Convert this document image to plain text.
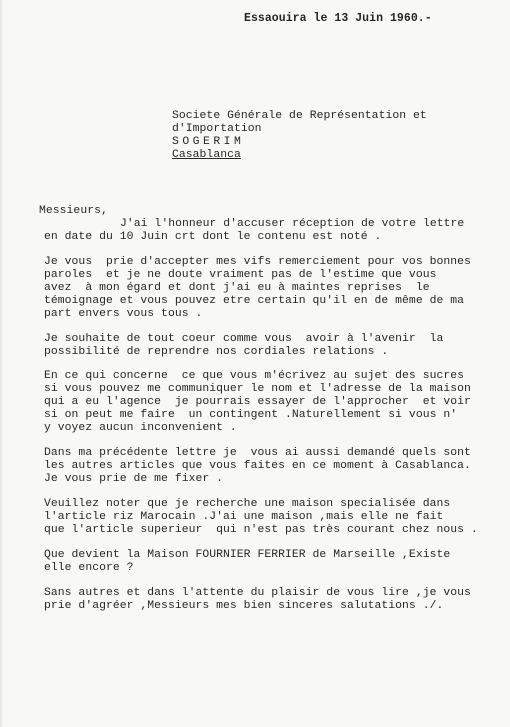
Essaouira le 13 Juin 1960.-
Societe Générale de Représentation et
d'Importation
SOGERIM
Casablanca
Messieurs,
J'ai l'honneur d'accuser réception de votre lettre
en date du 10 Juin crt dont le contenu est noté .
Je vous  prie d'accepter mes vifs remerciement pour vos bonnes
paroles  et je ne doute vraiment pas de l'estime que vous
avez  à mon égard et dont j'ai eu à maintes reprises  le
témoignage et vous pouvez etre certain qu'il en de même de ma
part envers vous tous .
Je souhaite de tout coeur comme vous  avoir à l'avenir  la
possibilité de reprendre nos cordiales relations .
En ce qui concerne  ce que vous m'écrivez au sujet des sucres
si vous pouvez me communiquer le nom et l'adresse de la maison
qui a eu l'agence  je pourrais essayer de l'approcher  et voir
si on peut me faire  un contingent .Naturellement si vous n'
y voyez aucun inconvenient .
Dans ma précédente lettre je  vous ai aussi demandé quels sont
les autres articles que vous faites en ce moment à Casablanca.
Je vous prie de me fixer .
Veuillez noter que je recherche une maison specialisée dans
l'article riz Marocain .J'ai une maison ,mais elle ne fait
que l'article superieur  qui n'est pas très courant chez nous .
Que devient la Maison FOURNIER FERRIER de Marseille ,Existe
elle encore ?
Sans autres et dans l'attente du plaisir de vous lire ,je vous
prie d'agréer ,Messieurs mes bien sinceres salutations ./.
